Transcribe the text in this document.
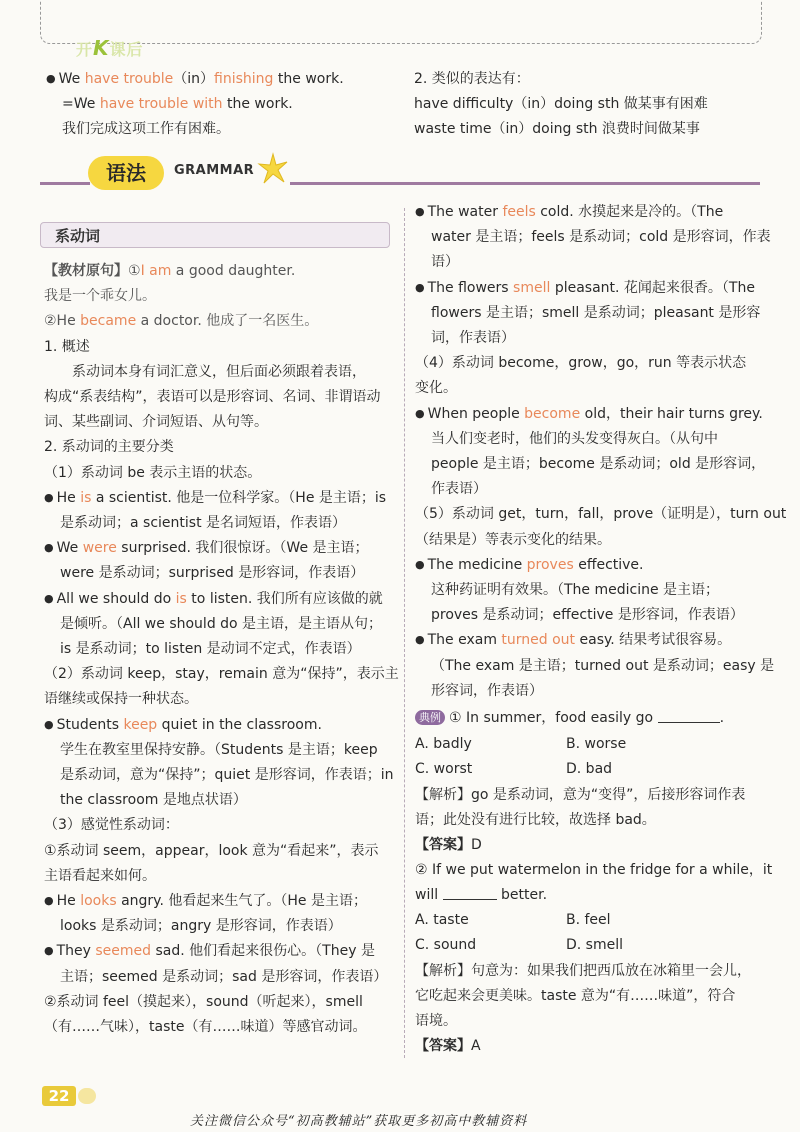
开K课后
● We have trouble（in）finishing the work.
=We have trouble with the work.
我们完成这项工作有困难。
2. 类似的表达有：
have difficulty（in）doing sth 做某事有困难
waste time（in）doing sth 浪费时间做某事
语法	GRAMMAR
系动词
【教材原句】①I am a good daughter.
我是一个乖女儿。
②He became a doctor. 他成了一名医生。
1. 概述
系动词本身有词汇意义，但后面必须跟着表语，
构成“系表结构”，表语可以是形容词、名词、非谓语动
词、某些副词、介词短语、从句等。
2. 系动词的主要分类
（1）系动词 be 表示主语的状态。
● He is a scientist. 他是一位科学家。（He 是主语；is
是系动词；a scientist 是名词短语，作表语）
● We were surprised. 我们很惊讶。（We 是主语；
were 是系动词；surprised 是形容词，作表语）
● All we should do is to listen. 我们所有应该做的就
是倾听。（All we should do 是主语，是主语从句；
is 是系动词；to listen 是动词不定式，作表语）
（2）系动词 keep，stay，remain 意为“保持”，表示主
语继续或保持一种状态。
● Students keep quiet in the classroom.
学生在教室里保持安静。（Students 是主语；keep
是系动词，意为“保持”；quiet 是形容词，作表语；in
the classroom 是地点状语）
（3）感觉性系动词：
①系动词 seem，appear，look 意为“看起来”，表示
主语看起来如何。
● He looks angry. 他看起来生气了。（He 是主语；
looks 是系动词；angry 是形容词，作表语）
● They seemed sad. 他们看起来很伤心。（They 是
主语；seemed 是系动词；sad 是形容词，作表语）
②系动词 feel（摸起来），sound（听起来），smell
（有……气味），taste（有……味道）等感官动词。
● The water feels cold. 水摸起来是冷的。（The
water 是主语；feels 是系动词；cold 是形容词，作表
语）
● The flowers smell pleasant. 花闻起来很香。（The
flowers 是主语；smell 是系动词；pleasant 是形容
词，作表语）
（4）系动词 become，grow，go，run 等表示状态
变化。
● When people become old，their hair turns grey.
当人们变老时，他们的头发变得灰白。（从句中
people 是主语；become 是系动词；old 是形容词，
作表语）
（5）系动词 get，turn，fall，prove（证明是），turn out
（结果是）等表示变化的结果。
● The medicine proves effective.
这种药证明有效果。（The medicine 是主语；
proves 是系动词；effective 是形容词，作表语）
● The exam turned out easy. 结果考试很容易。
（The exam 是主语；turned out 是系动词；easy 是
形容词，作表语）
典例 ① In summer，food easily go	.
A. badly	B. worse
C. worst	D. bad
【解析】go 是系动词，意为“变得”，后接形容词作表
语；此处没有进行比较，故选择 bad。
【答案】D
② If we put watermelon in the fridge for a while，it
will	better.
A. taste	B. feel
C. sound	D. smell
【解析】句意为：如果我们把西瓜放在冰箱里一会儿，
它吃起来会更美味。taste 意为“有……味道”，符合
语境。
【答案】A
22
关注微信公众号“初高教辅站”获取更多初高中教辅资料
